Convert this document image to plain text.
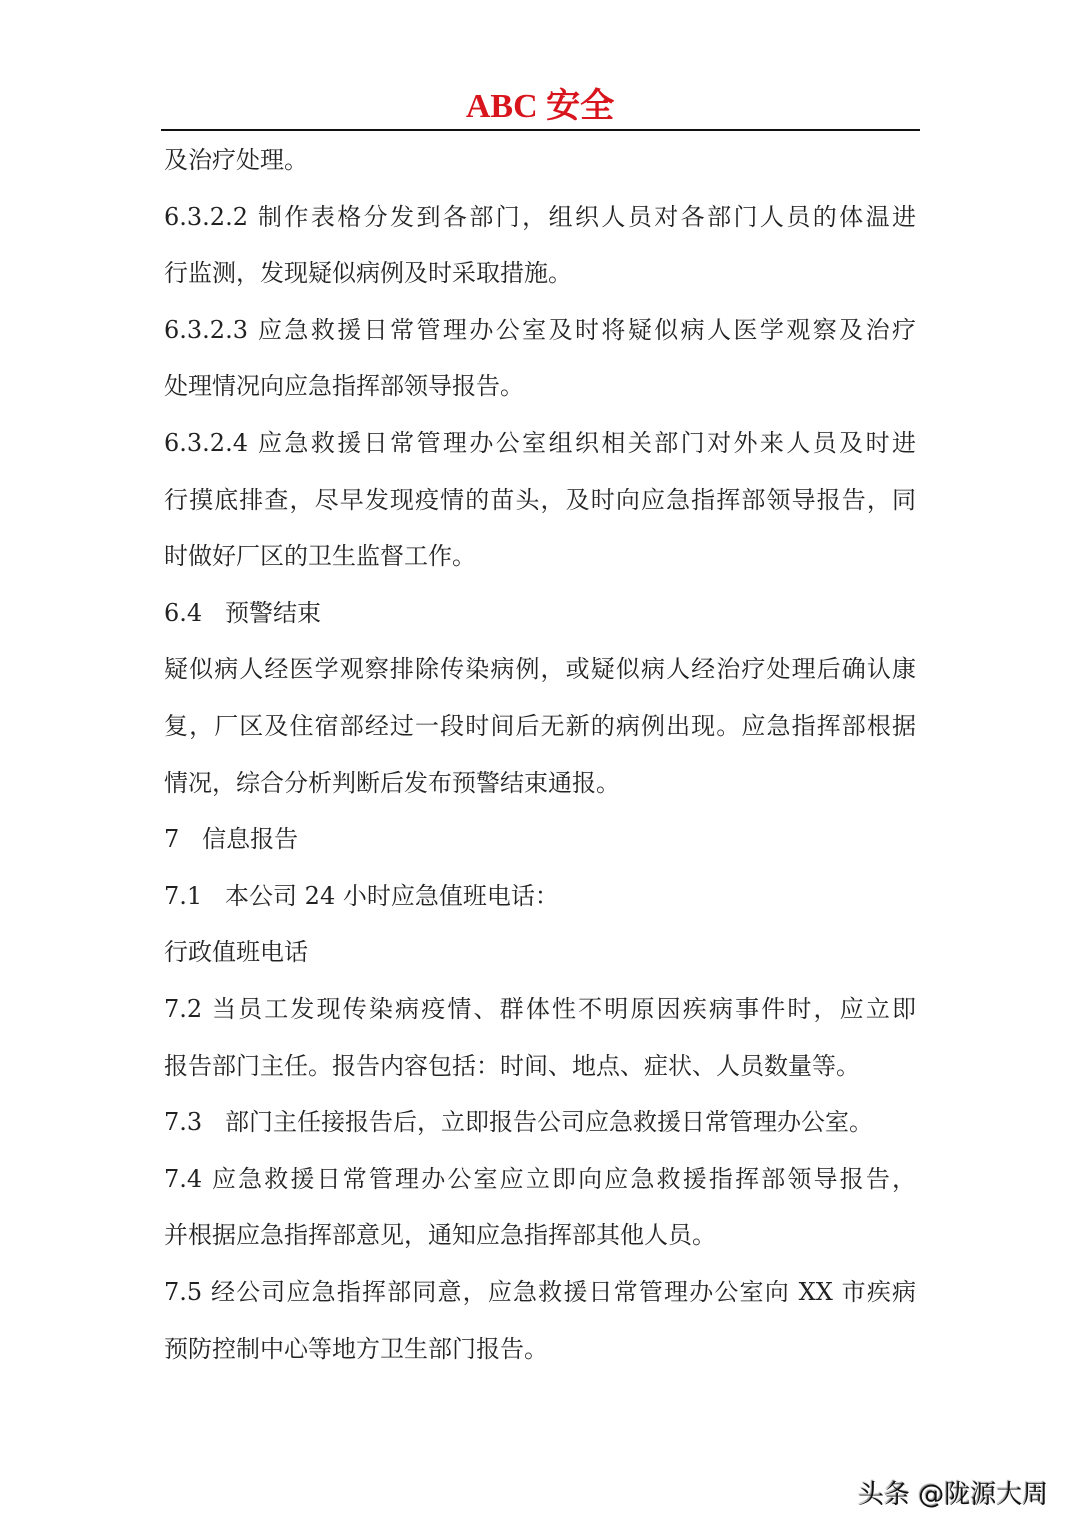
ABC 安全
及治疗处理。
6.3.2.2 制作表格分发到各部门，组织人员对各部门人员的体温进
行监测，发现疑似病例及时采取措施。
6.3.2.3 应急救援日常管理办公室及时将疑似病人医学观察及治疗
处理情况向应急指挥部领导报告。
6.3.2.4 应急救援日常管理办公室组织相关部门对外来人员及时进
行摸底排查，尽早发现疫情的苗头，及时向应急指挥部领导报告，同
时做好厂区的卫生监督工作。
6.4   预警结束
疑似病人经医学观察排除传染病例，或疑似病人经治疗处理后确认康
复，厂区及住宿部经过一段时间后无新的病例出现。应急指挥部根据
情况，综合分析判断后发布预警结束通报。
7   信息报告
7.1   本公司 24 小时应急值班电话：
行政值班电话
7.2 当员工发现传染病疫情、群体性不明原因疾病事件时，应立即
报告部门主任。报告内容包括：时间、地点、症状、人员数量等。
7.3   部门主任接报告后，立即报告公司应急救援日常管理办公室。
7.4 应急救援日常管理办公室应立即向应急救援指挥部领导报告，
并根据应急指挥部意见，通知应急指挥部其他人员。
7.5 经公司应急指挥部同意，应急救援日常管理办公室向 XX 市疾病
预防控制中心等地方卫生部门报告。
头条 @陇源大周
